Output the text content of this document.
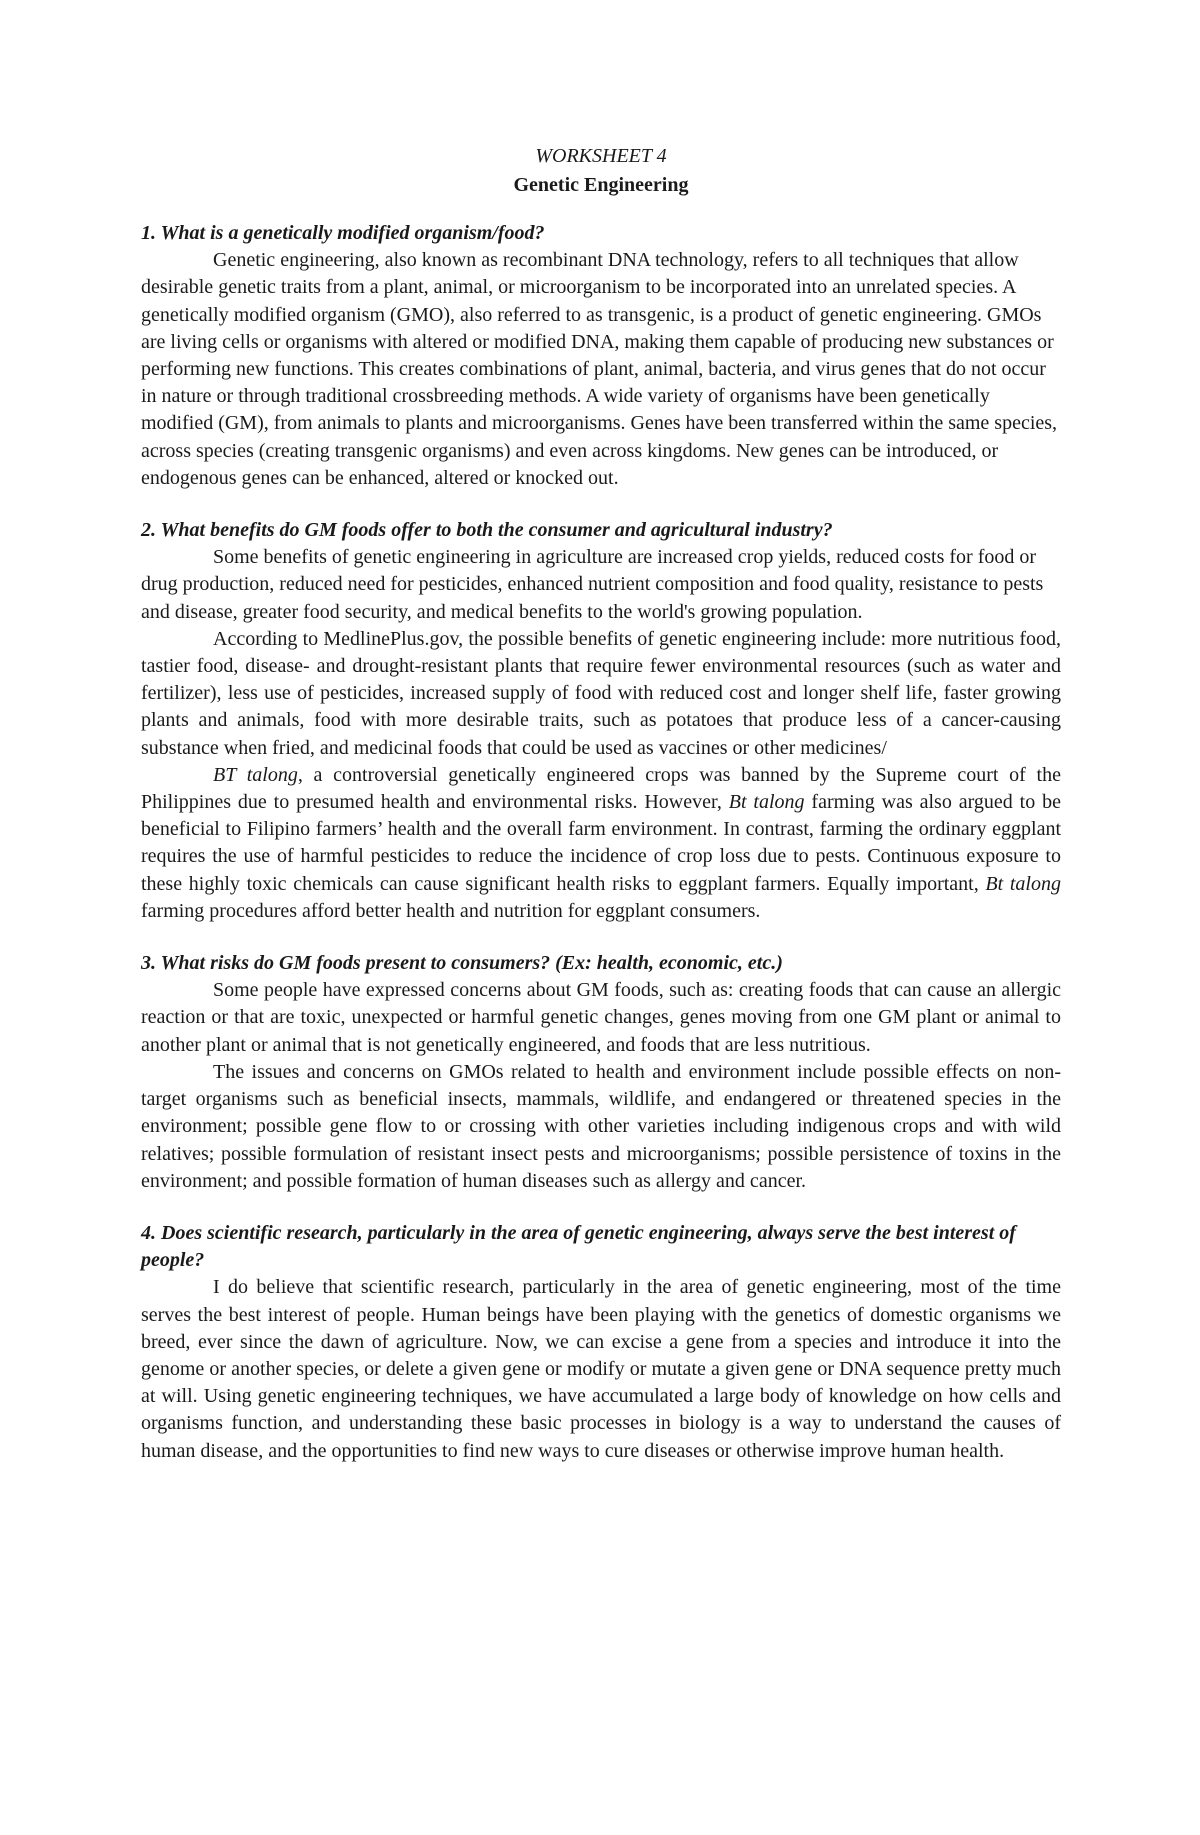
WORKSHEET 4

Genetic Engineering

1. What is a genetically modified organism/food?

Genetic engineering, also known as recombinant DNA technology, refers to all techniques that allow desirable genetic traits from a plant, animal, or microorganism to be incorporated into an unrelated species. A genetically modified organism (GMO), also referred to as transgenic, is a product of genetic engineering. GMOs are living cells or organisms with altered or modified DNA, making them capable of producing new substances or performing new functions. This creates combinations of plant, animal, bacteria, and virus genes that do not occur in nature or through traditional crossbreeding methods. A wide variety of organisms have been genetically modified (GM), from animals to plants and microorganisms. Genes have been transferred within the same species, across species (creating transgenic organisms) and even across kingdoms. New genes can be introduced, or endogenous genes can be enhanced, altered or knocked out.

2. What benefits do GM foods offer to both the consumer and agricultural industry?

Some benefits of genetic engineering in agriculture are increased crop yields, reduced costs for food or drug production, reduced need for pesticides, enhanced nutrient composition and food quality, resistance to pests and disease, greater food security, and medical benefits to the world's growing population.

According to MedlinePlus.gov, the possible benefits of genetic engineering include: more nutritious food, tastier food, disease- and drought-resistant plants that require fewer environmental resources (such as water and fertilizer), less use of pesticides, increased supply of food with reduced cost and longer shelf life, faster growing plants and animals, food with more desirable traits, such as potatoes that produce less of a cancer-causing substance when fried, and medicinal foods that could be used as vaccines or other medicines/

BT talong, a controversial genetically engineered crops was banned by the Supreme court of the Philippines due to presumed health and environmental risks. However, Bt talong farming was also argued to be beneficial to Filipino farmers’ health and the overall farm environment. In contrast, farming the ordinary eggplant requires the use of harmful pesticides to reduce the incidence of crop loss due to pests. Continuous exposure to these highly toxic chemicals can cause significant health risks to eggplant farmers. Equally important, Bt talong farming procedures afford better health and nutrition for eggplant consumers.

3. What risks do GM foods present to consumers? (Ex: health, economic, etc.)

Some people have expressed concerns about GM foods, such as: creating foods that can cause an allergic reaction or that are toxic, unexpected or harmful genetic changes, genes moving from one GM plant or animal to another plant or animal that is not genetically engineered, and foods that are less nutritious.

The issues and concerns on GMOs related to health and environment include possible effects on non-target organisms such as beneficial insects, mammals, wildlife, and endangered or threatened species in the environment; possible gene flow to or crossing with other varieties including indigenous crops and with wild relatives; possible formulation of resistant insect pests and microorganisms; possible persistence of toxins in the environment; and possible formation of human diseases such as allergy and cancer.

4. Does scientific research, particularly in the area of genetic engineering, always serve the best interest of people?

I do believe that scientific research, particularly in the area of genetic engineering, most of the time serves the best interest of people. Human beings have been playing with the genetics of domestic organisms we breed, ever since the dawn of agriculture. Now, we can excise a gene from a species and introduce it into the genome or another species, or delete a given gene or modify or mutate a given gene or DNA sequence pretty much at will. Using genetic engineering techniques, we have accumulated a large body of knowledge on how cells and organisms function, and understanding these basic processes in biology is a way to understand the causes of human disease, and the opportunities to find new ways to cure diseases or otherwise improve human health.
